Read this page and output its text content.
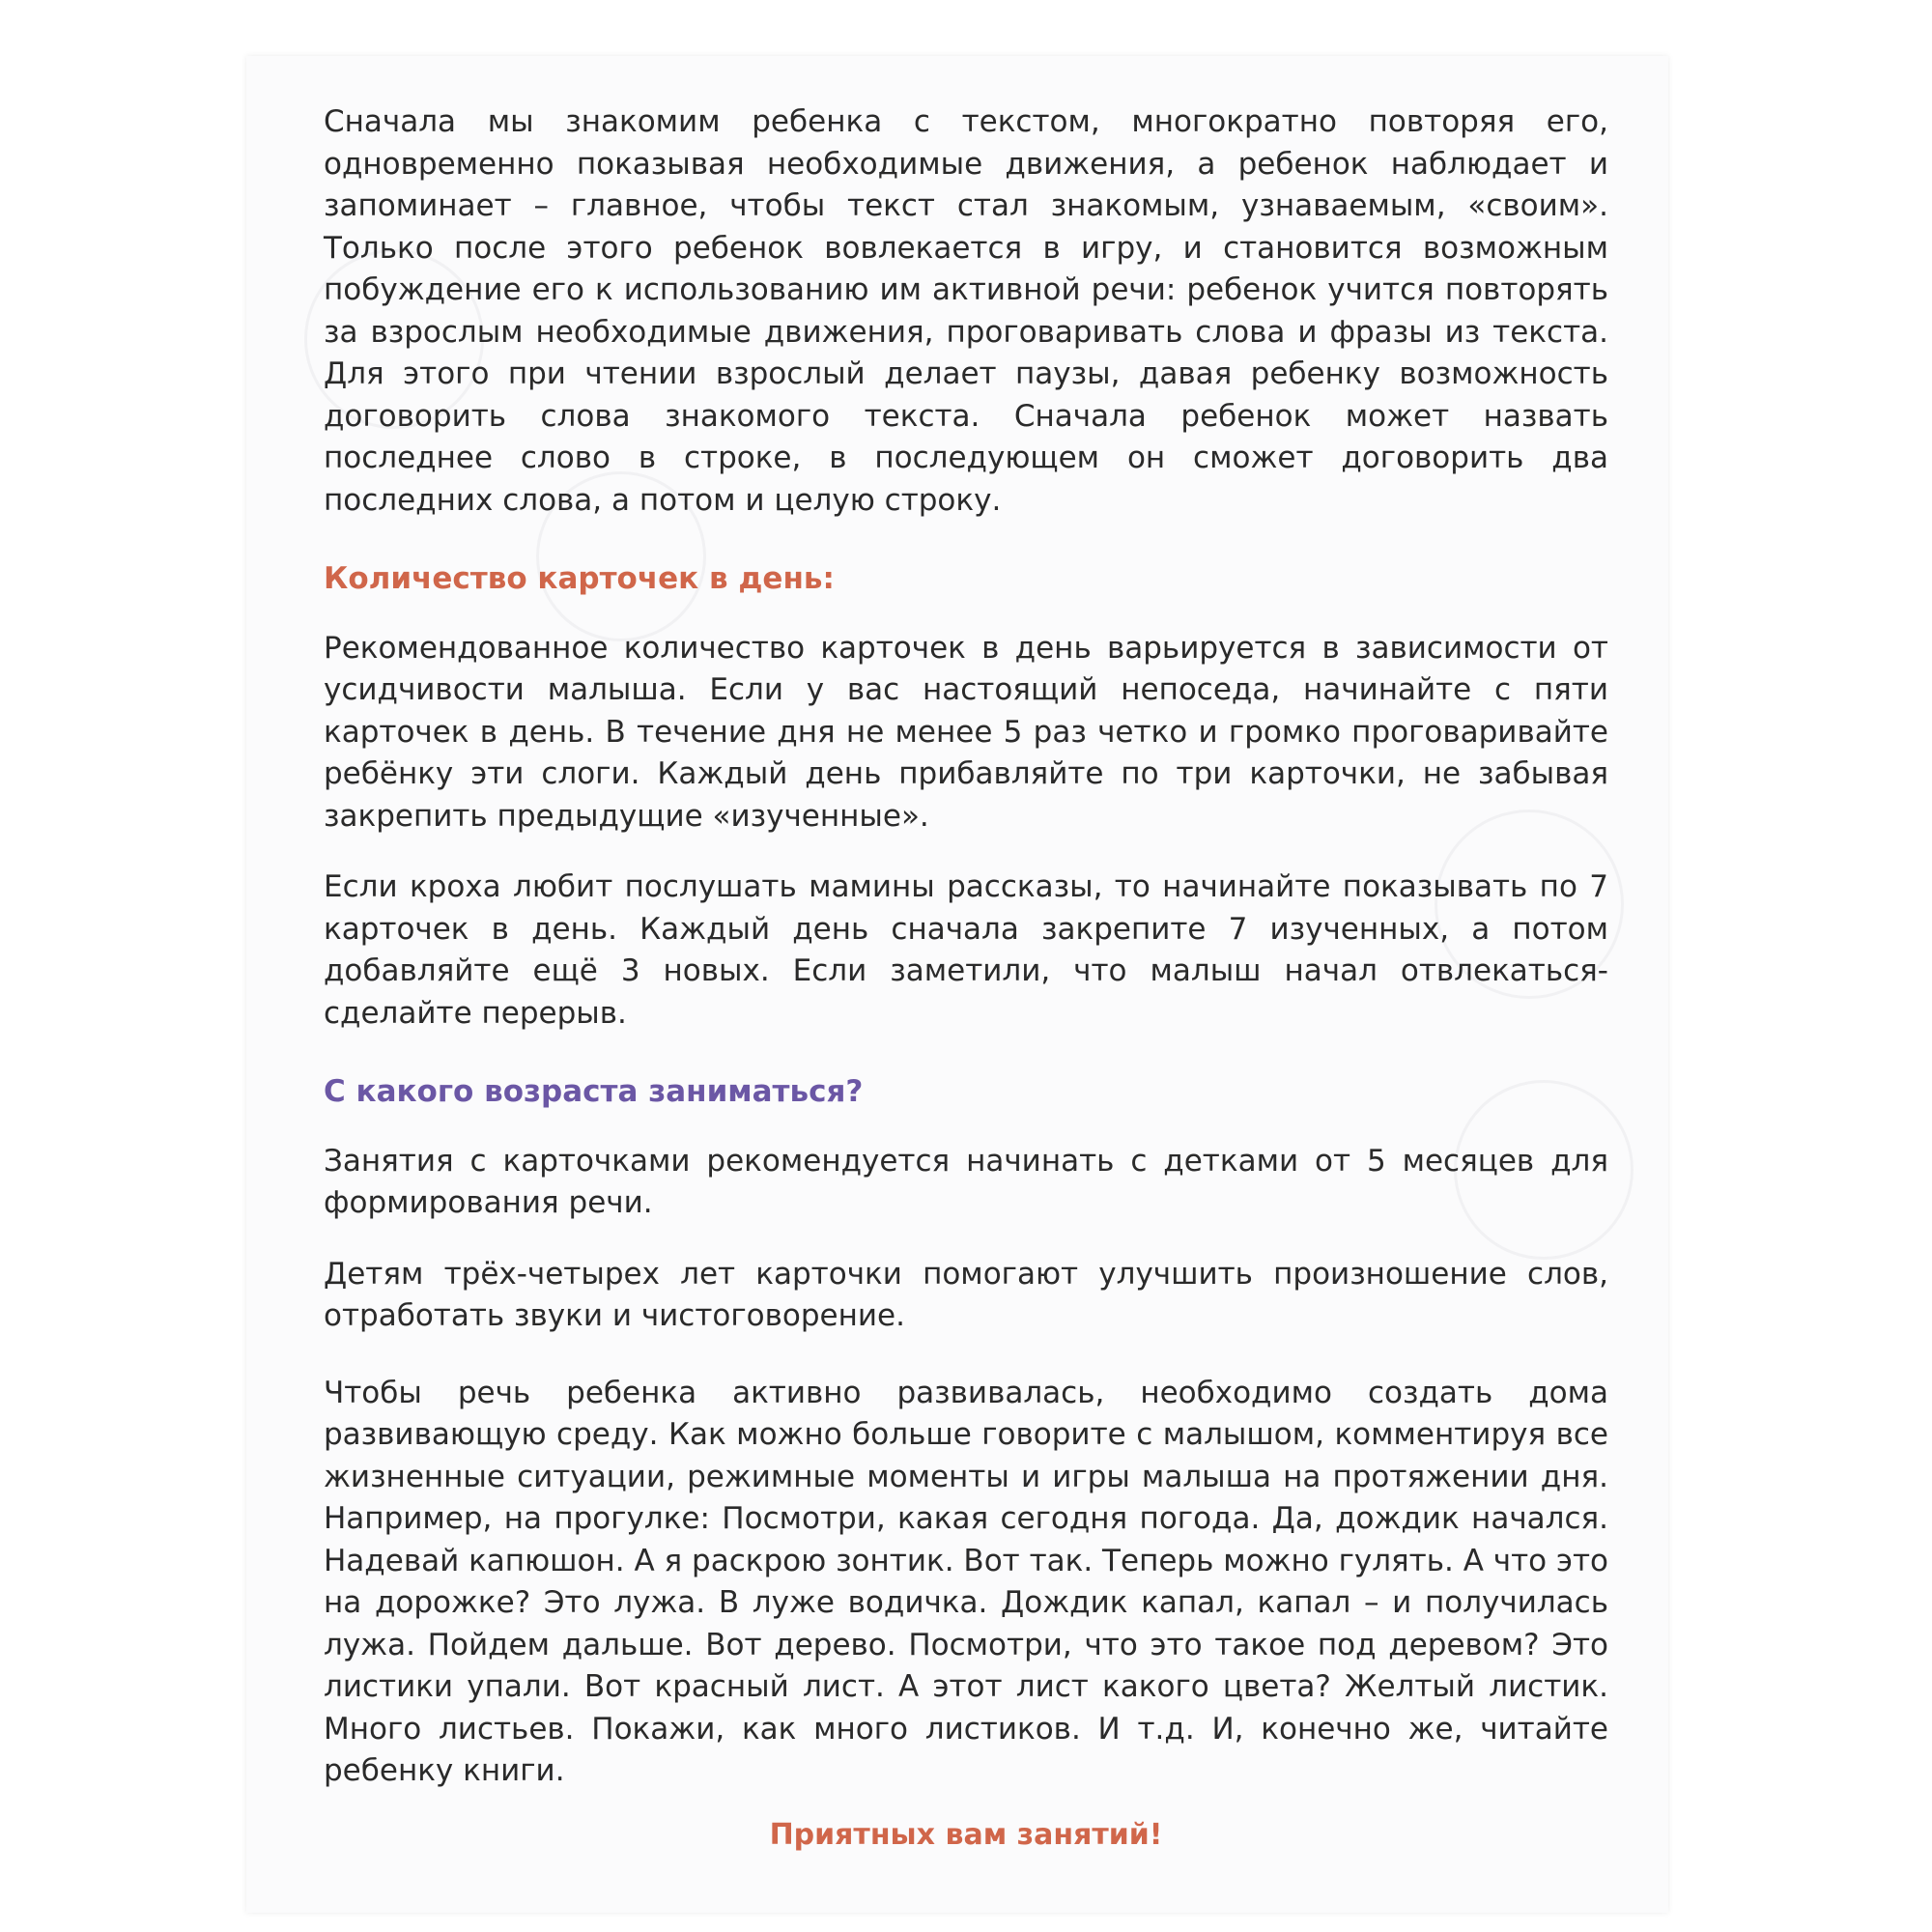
Сначала мы знакомим ребенка с текстом, многократно повторяя его, одновременно показывая необходимые движения, а ребенок наблюдает и запоминает – главное, чтобы текст стал знакомым, узнаваемым, «своим». Только после этого ребенок вовлекается в игру, и становится возможным побуждение его к использованию им активной речи: ребенок учится повторять за взрослым необходимые движения, проговаривать слова и фразы из текста. Для этого при чтении взрослый делает паузы, давая ребенку возможность договорить слова знакомого текста. Сначала ребенок может назвать последнее слово в строке, в последующем он сможет договорить два последних слова, а потом и целую строку.

Количество карточек в день:

Рекомендованное количество карточек в день варьируется в зависимости от усидчивости малыша. Если у вас настоящий непоседа, начинайте с пяти карточек в день. В течение дня не менее 5 раз четко и громко проговаривайте ребёнку эти слоги. Каждый день прибавляйте по три карточки, не забывая закрепить предыдущие «изученные».

Если кроха любит послушать мамины рассказы, то начинайте показывать по 7 карточек в день. Каждый день сначала закрепите 7 изученных, а потом добавляйте ещё 3 новых. Если заметили, что малыш начал отвлекаться-сделайте перерыв.

С какого возраста заниматься?

Занятия с карточками рекомендуется начинать с детками от 5 месяцев для формирования речи.

Детям трёх-четырех лет карточки помогают улучшить произношение слов, отработать звуки и чистоговорение.

Чтобы речь ребенка активно развивалась, необходимо создать дома развивающую среду. Как можно больше говорите с малышом, комментируя все жизненные ситуации, режимные моменты и игры малыша на протяжении дня. Например, на прогулке: Посмотри, какая сегодня погода. Да, дождик начался. Надевай капюшон. А я раскрою зонтик. Вот так. Теперь можно гулять. А что это на дорожке? Это лужа. В луже водичка. Дождик капал, капал – и получилась лужа. Пойдем дальше. Вот дерево. Посмотри, что это такое под деревом? Это листики упали. Вот красный лист. А этот лист какого цвета? Желтый листик. Много листьев. Покажи, как много листиков. И т.д. И, конечно же, читайте ребенку книги.

Приятных вам занятий!
